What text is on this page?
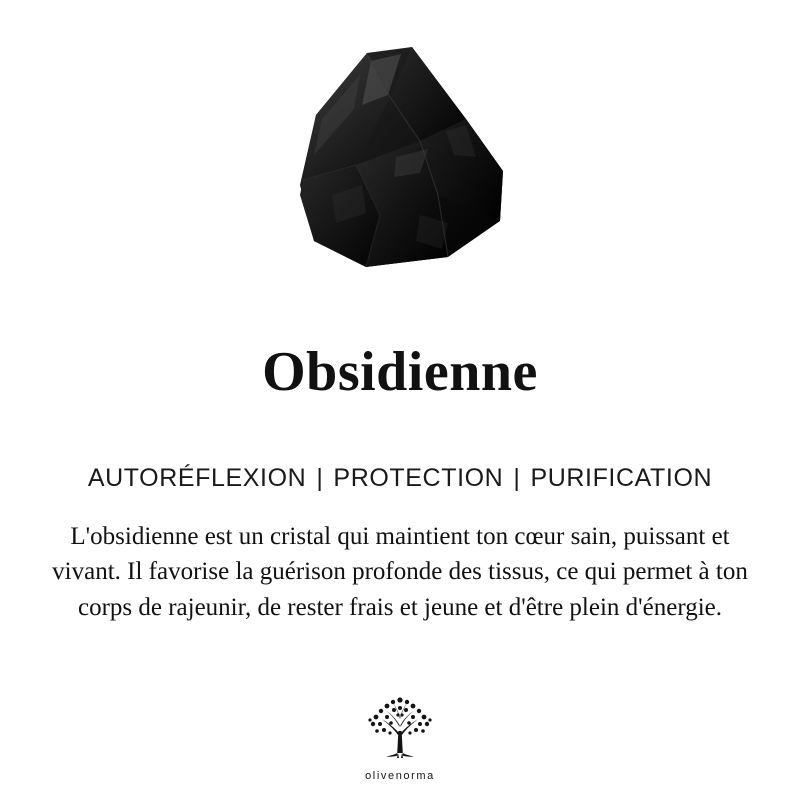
Obsidienne
AUTORÉFLEXION | PROTECTION | PURIFICATION

L'obsidienne est un cristal qui maintient ton cœur sain, puissant et vivant. Il favorise la guérison profonde des tissus, ce qui permet à ton corps de rajeunir, de rester frais et jeune et d'être plein d'énergie.

olivenorma
